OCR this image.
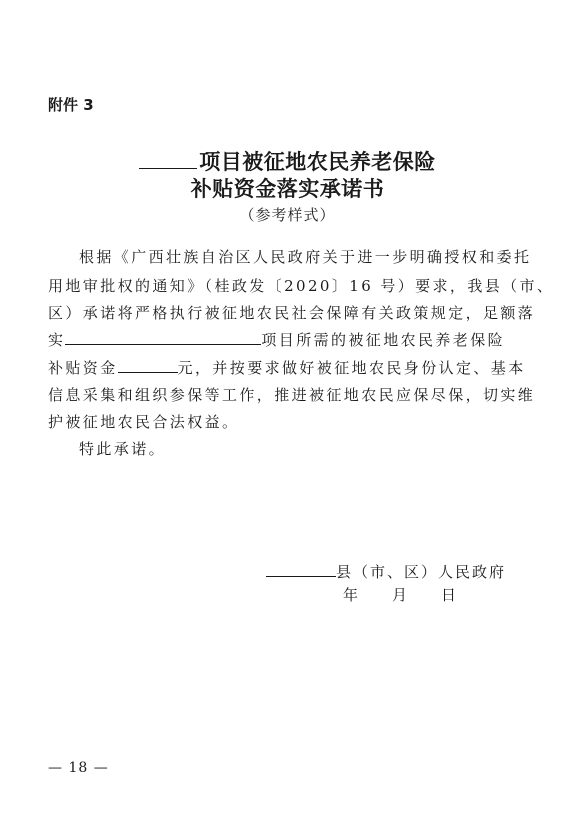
附件 3
项目被征地农民养老保险
补贴资金落实承诺书
（参考样式）
根据《广西壮族自治区人民政府关于进一步明确授权和委托
用地审批权的通知》（桂政发〔2020〕16 号）要求，我县（市、
区）承诺将严格执行被征地农民社会保障有关政策规定，足额落
实	项目所需的被征地农民养老保险
补贴资金	元，并按要求做好被征地农民身份认定、基本
信息采集和组织参保等工作，推进被征地农民应保尽保，切实维
护被征地农民合法权益。
特此承诺。
县（市、区）人民政府
年 月 日
— 18 —
